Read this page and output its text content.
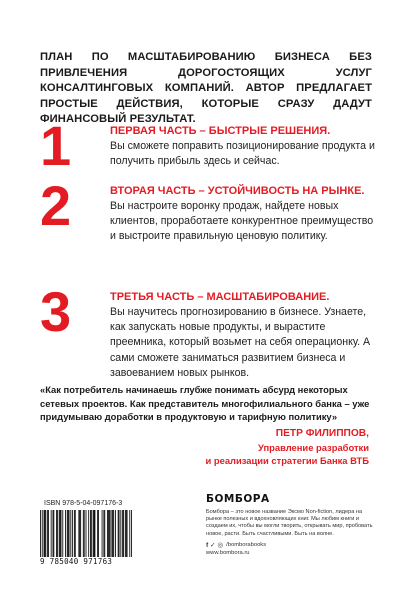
ПЛАН ПО МАСШТАБИРОВАНИЮ БИЗНЕСА БЕЗ ПРИВЛЕЧЕНИЯ ДОРОГОСТОЯЩИХ УСЛУГ КОНСАЛТИНГОВЫХ КОМПАНИЙ. АВТОР ПРЕДЛАГАЕТ ПРОСТЫЕ ДЕЙСТВИЯ, КОТОРЫЕ СРАЗУ ДАДУТ ФИНАНСОВЫЙ РЕЗУЛЬТАТ.
1	ПЕРВАЯ ЧАСТЬ – БЫСТРЫЕ РЕШЕНИЯ.
Вы сможете поправить позиционирование продукта и получить прибыль здесь и сейчас.
2	ВТОРАЯ ЧАСТЬ – УСТОЙЧИВОСТЬ НА РЫНКЕ.
Вы настроите воронку продаж, найдете новых клиентов, проработаете конкурентное преимущество и выстроите правильную ценовую политику.
3	ТРЕТЬЯ ЧАСТЬ – МАСШТАБИРОВАНИЕ.
Вы научитесь прогнозированию в бизнесе. Узнаете, как запускать новые продукты, и вырастите преемника, который возьмет на себя операционку. А сами сможете заниматься развитием бизнеса и завоеванием новых рынков.
«Как потребитель начинаешь глубже понимать абсурд некоторых сетевых проектов. Как представитель многофилиального банка – уже придумываю доработки в продуктовую и тарифную политику»
ПЕТР ФИЛИППОВ,
Управление разработки
и реализации стратегии Банка ВТБ
ISBN 978-5-04-097176-3
9 785040 971763
БОМБОРА
Бомбора – это новое название Эксмо Non-fiction, лидера на рынке полезных и вдохновляющих книг. Мы любим книги и создаем их, чтобы вы могли творить, открывать мир, пробовать новое, расти. Быть счастливыми. Быть на волне.
f ✓ ◎ /bomborabooks
www.bombora.ru
